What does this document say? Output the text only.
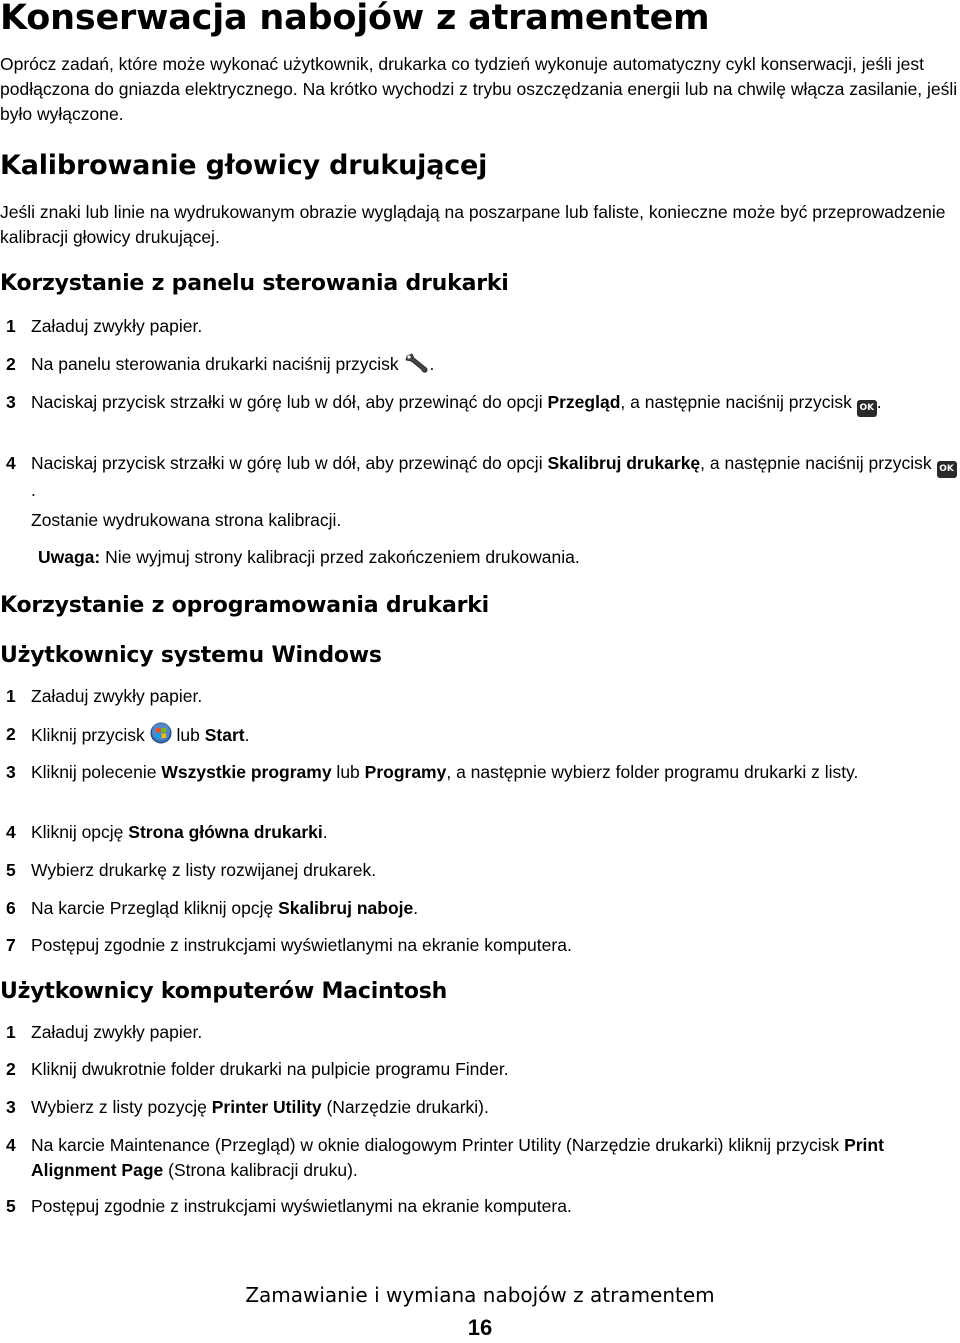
Konserwacja nabojów z atramentem

Oprócz zadań, które może wykonać użytkownik, drukarka co tydzień wykonuje automatyczny cykl konserwacji, jeśli jest podłączona do gniazda elektrycznego. Na krótko wychodzi z trybu oszczędzania energii lub na chwilę włącza zasilanie, jeśli było wyłączone.

Kalibrowanie głowicy drukującej

Jeśli znaki lub linie na wydrukowanym obrazie wyglądają na poszarpane lub faliste, konieczne może być przeprowadzenie kalibracji głowicy drukującej.

Korzystanie z panelu sterowania drukarki
1 Załaduj zwykły papier.
2 Na panelu sterowania drukarki naciśnij przycisk .
3 Naciskaj przycisk strzałki w górę lub w dół, aby przewinąć do opcji Przegląd, a następnie naciśnij przycisk OK .
4 Naciskaj przycisk strzałki w górę lub w dół, aby przewinąć do opcji Skalibruj drukarkę, a następnie naciśnij przycisk OK.
Zostanie wydrukowana strona kalibracji.
Uwaga: Nie wyjmuj strony kalibracji przed zakończeniem drukowania.
Korzystanie z oprogramowania drukarki
Użytkownicy systemu Windows
1 Załaduj zwykły papier.
2 Kliknij przycisk  lub Start.
3 Kliknij polecenie Wszystkie programy lub Programy, a następnie wybierz folder programu drukarki z listy.
4 Kliknij opcję Strona główna drukarki.
5 Wybierz drukarkę z listy rozwijanej drukarek.
6 Na karcie Przegląd kliknij opcję Skalibruj naboje.
7 Postępuj zgodnie z instrukcjami wyświetlanymi na ekranie komputera.
Użytkownicy komputerów Macintosh
1 Załaduj zwykły papier.
2 Kliknij dwukrotnie folder drukarki na pulpicie programu Finder.
3 Wybierz z listy pozycję Printer Utility (Narzędzie drukarki).
4 Na karcie Maintenance (Przegląd) w oknie dialogowym Printer Utility (Narzędzie drukarki) kliknij przycisk Print Alignment Page (Strona kalibracji druku).
5 Postępuj zgodnie z instrukcjami wyświetlanymi na ekranie komputera.
Zamawianie i wymiana nabojów z atramentem
16
